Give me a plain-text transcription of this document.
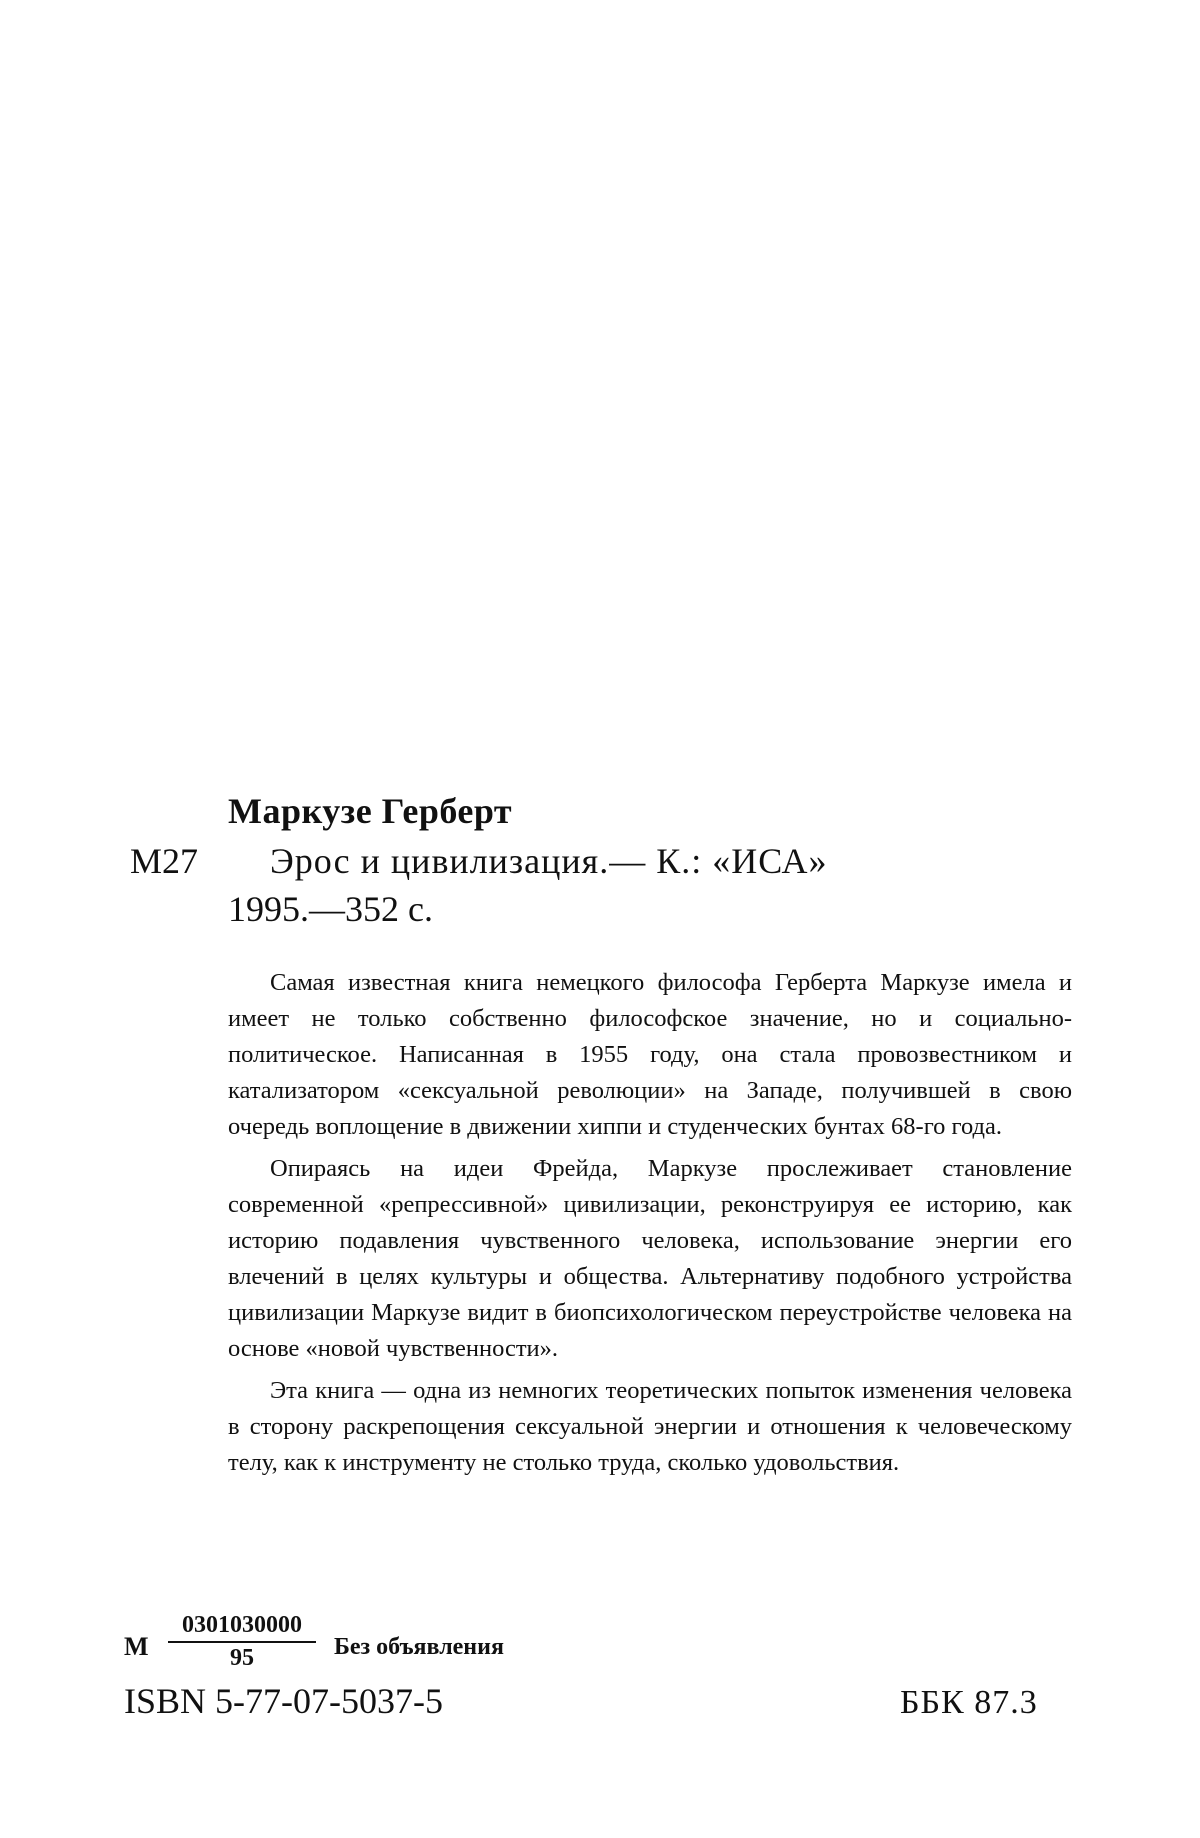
Маркузе Герберт
М27 Эрос и цивилизация.— К.: «ИСА»
1995.—352 с.

Самая известная книга немецкого философа Герберта Маркузе имела и имеет не только собственно философское значение, но и социально-политическое. Написанная в 1955 году, она стала провозвестником и катализатором «сексуальной революции» на Западе, получившей в свою очередь воплощение в движении хиппи и студенческих бунтах 68-го года.

Опираясь на идеи Фрейда, Маркузе прослеживает становление современной «репрессивной» цивилизации, реконструируя ее историю, как историю подавления чувственного человека, использование энергии его влечений в целях культуры и общества. Альтернативу подобного устройства цивилизации Маркузе видит в биопсихологическом переустройстве человека на основе «новой чувственности».

Эта книга — одна из немногих теоретических попыток изменения человека в сторону раскрепощения сексуальной энергии и отношения к человеческому телу, как к инструменту не столько труда, сколько удовольствия.

М $\frac{0301030000}{95}$ Без объявления
ISBN 5-77-07-5037-5	ББК 87.3
